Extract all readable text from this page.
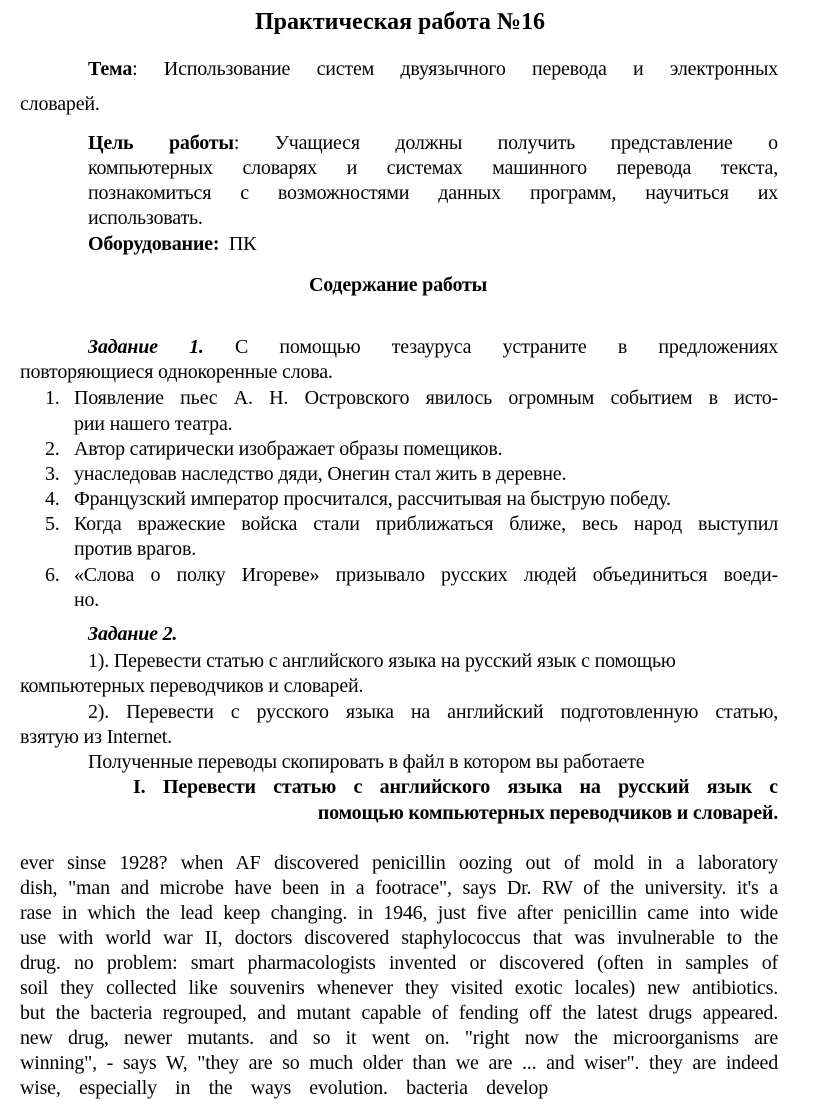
Практическая работа №16
Тема: Использование систем двуязычного перевода и электронных
словарей.
Цель работы: Учащиеся должны получить представление о
компьютерных словарях и системах машинного перевода текста,
познакомиться с возможностями данных программ, научиться их
использовать.
Оборудование: ПК
Содержание работы
Задание 1. С помощью тезауруса устраните в предложениях
повторяющиеся однокоренные слова.
1. Появление пьес А. Н. Островского явилось огромным событием в исто-
рии нашего театра.
2. Автор сатирически изображает образы помещиков.
3. унаследовав наследство дяди, Онегин стал жить в деревне.
4. Французский император просчитался, рассчитывая на быструю победу.
5. Когда вражеские войска стали приближаться ближе, весь народ выступил
против врагов.
6. «Слова о полку Игореве» призывало русских людей объединиться воеди-
но.
Задание 2.
1). Перевести статью с английского языка на русский язык с помощью
компьютерных переводчиков и словарей.
2). Перевести с русского языка на английский подготовленную статью,
взятую из Internet.
Полученные переводы скопировать в файл в котором вы работаете
I. Перевести статью с английского языка на русский язык с
помощью компьютерных переводчиков и словарей.
ever sinse 1928? when AF discovered penicillin oozing out of mold in a laboratory
dish, "man and microbe have been in a footrace", says Dr. RW of the university. it's a
rase in which the lead keep changing. in 1946, just five after penicillin came into wide
use with world war II, doctors discovered staphylococcus that was invulnerable to the
drug. no problem: smart pharmacologists invented or discovered (often in samples of
soil they collected like souvenirs whenever they visited exotic locales) new antibiotics.
but the bacteria regrouped, and mutant capable of fending off the latest drugs appeared.
new drug, newer mutants. and so it went on. "right now the microorganisms are
winning", - says W, "they are so much older than we are ... and wiser". they are indeed
wise, especially in the ways evolution. bacteria develop
